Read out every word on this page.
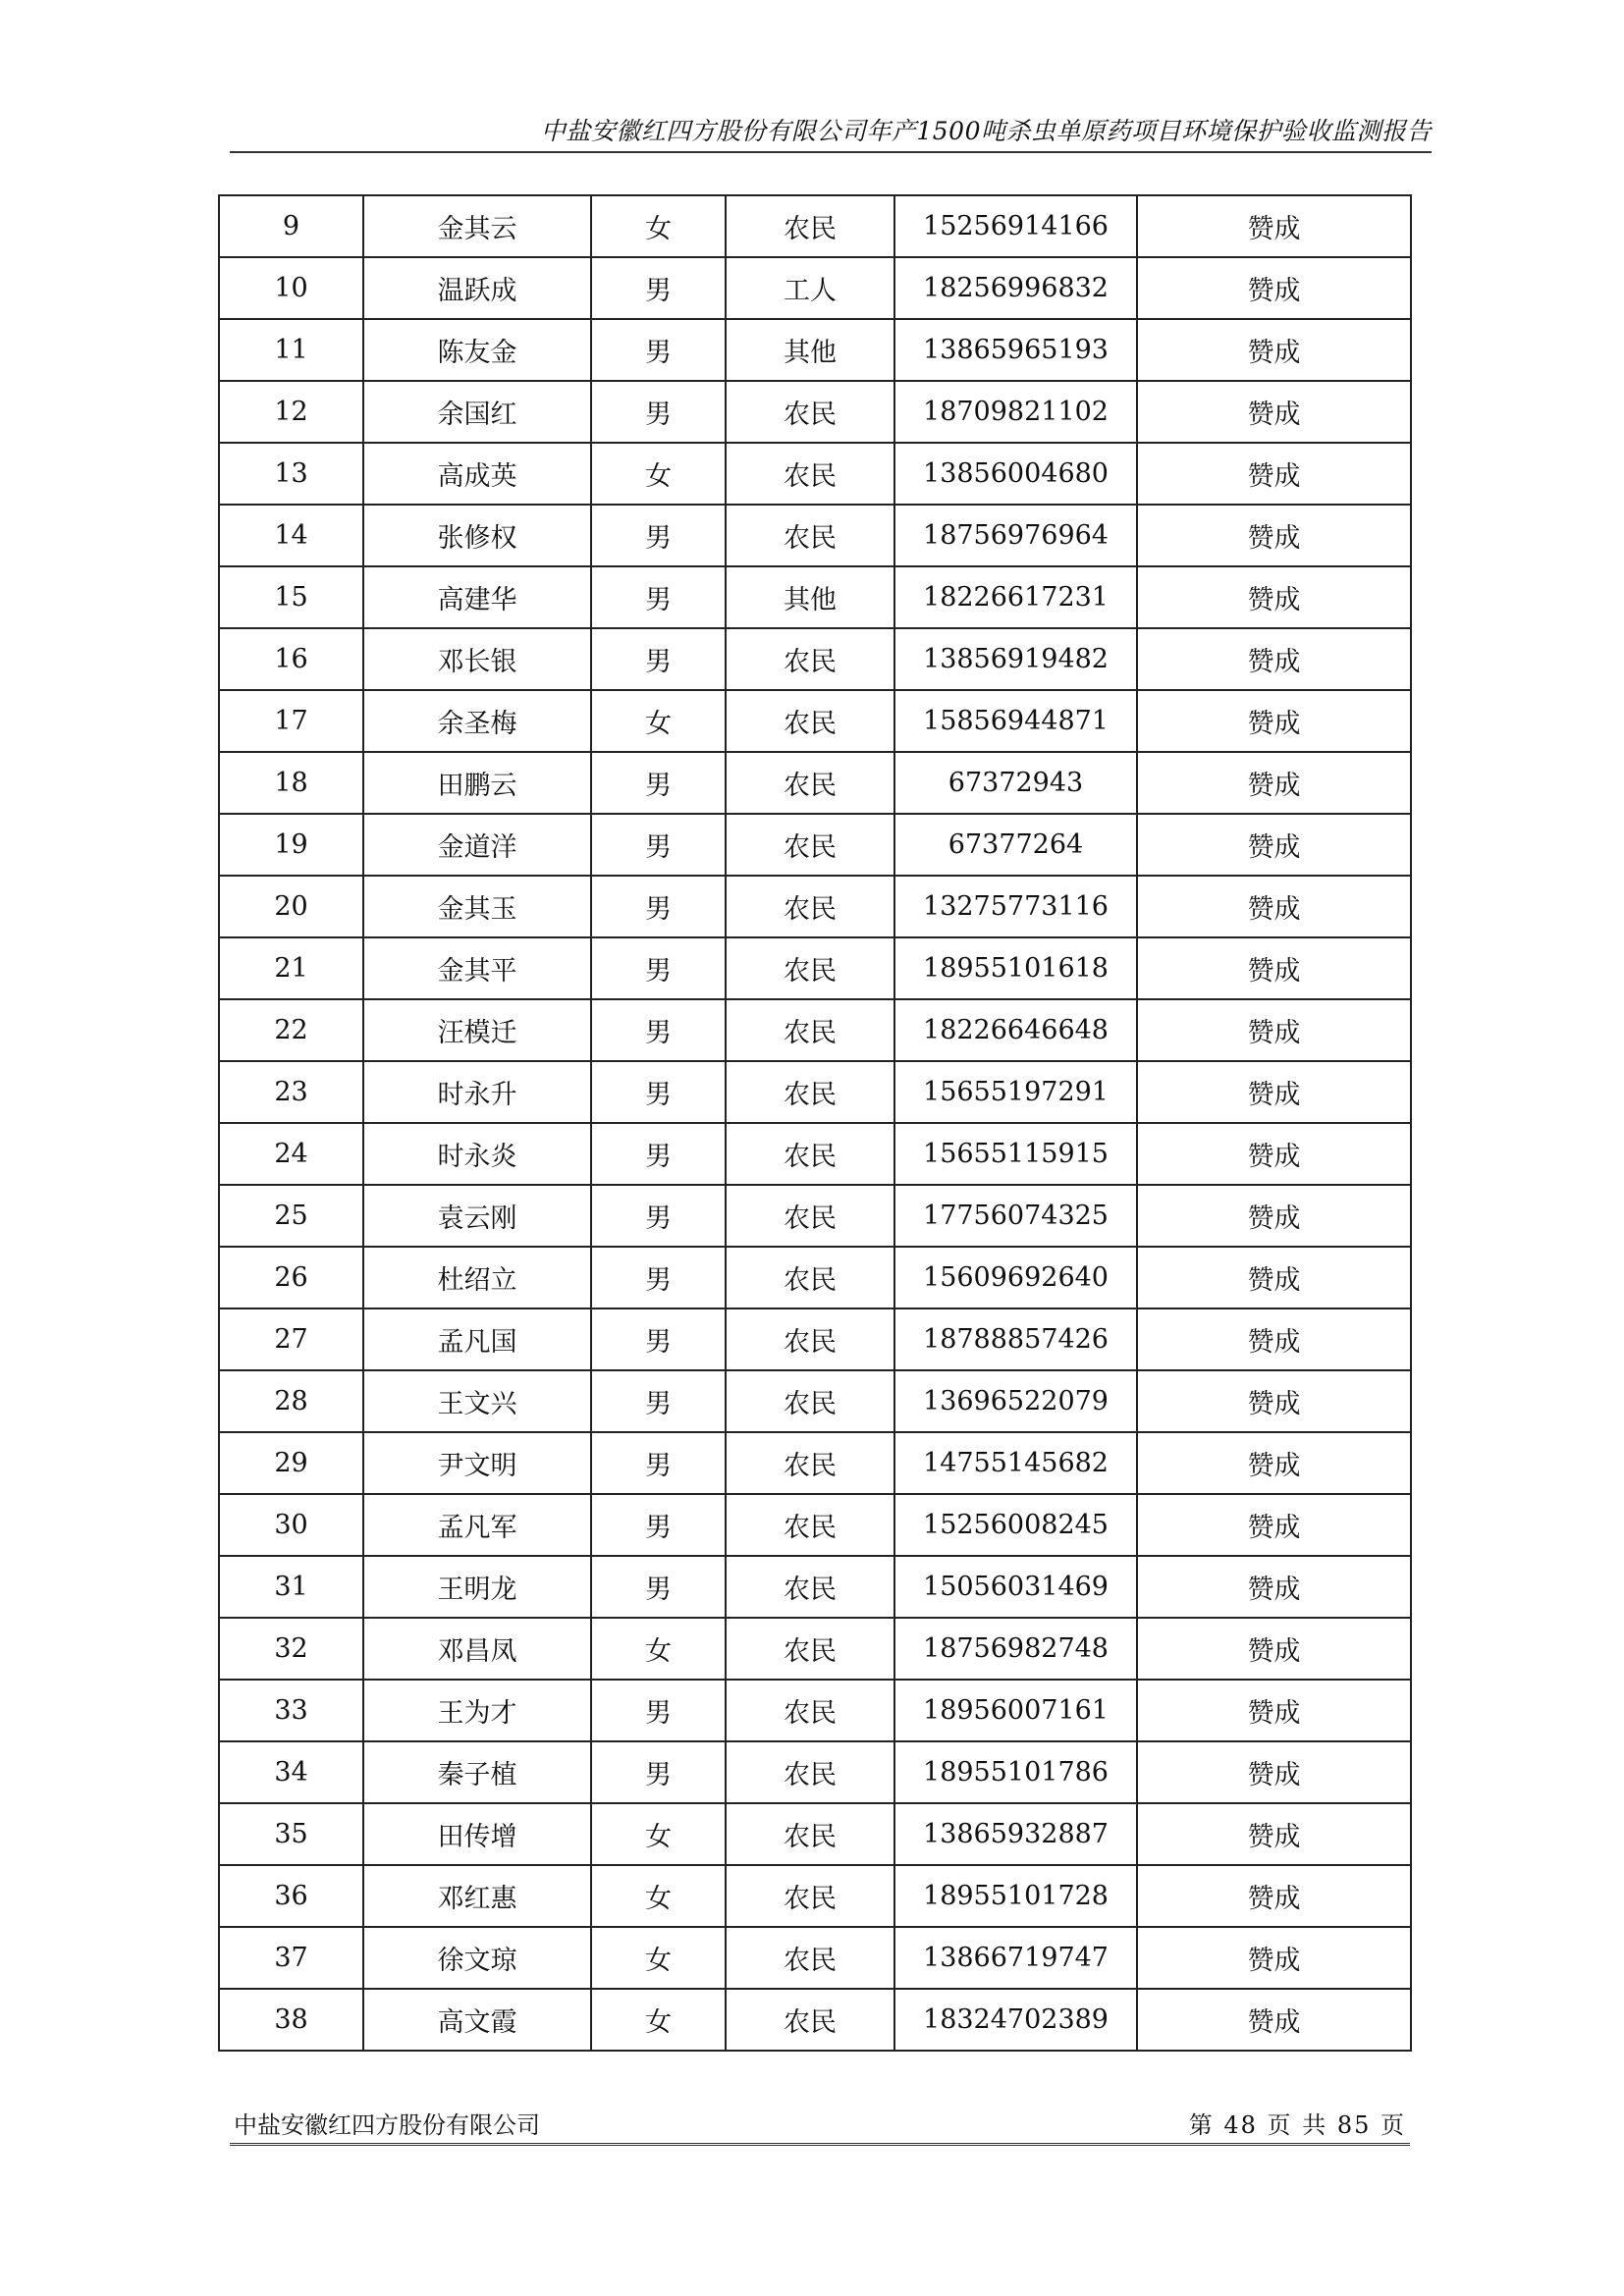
中盐安徽红四方股份有限公司年产1500吨杀虫单原药项目环境保护验收监测报告
9	金其云	女	农民	15256914166	赞成
10	温跃成	男	工人	18256996832	赞成
11	陈友金	男	其他	13865965193	赞成
12	余国红	男	农民	18709821102	赞成
13	高成英	女	农民	13856004680	赞成
14	张修权	男	农民	18756976964	赞成
15	高建华	男	其他	18226617231	赞成
16	邓长银	男	农民	13856919482	赞成
17	余圣梅	女	农民	15856944871	赞成
18	田鹏云	男	农民	67372943	赞成
19	金道洋	男	农民	67377264	赞成
20	金其玉	男	农民	13275773116	赞成
21	金其平	男	农民	18955101618	赞成
22	汪模迁	男	农民	18226646648	赞成
23	时永升	男	农民	15655197291	赞成
24	时永炎	男	农民	15655115915	赞成
25	袁云刚	男	农民	17756074325	赞成
26	杜绍立	男	农民	15609692640	赞成
27	孟凡国	男	农民	18788857426	赞成
28	王文兴	男	农民	13696522079	赞成
29	尹文明	男	农民	14755145682	赞成
30	孟凡军	男	农民	15256008245	赞成
31	王明龙	男	农民	15056031469	赞成
32	邓昌凤	女	农民	18756982748	赞成
33	王为才	男	农民	18956007161	赞成
34	秦子植	男	农民	18955101786	赞成
35	田传增	女	农民	13865932887	赞成
36	邓红惠	女	农民	18955101728	赞成
37	徐文琼	女	农民	13866719747	赞成
38	高文霞	女	农民	18324702389	赞成
中盐安徽红四方股份有限公司	第 48 页 共 85 页
